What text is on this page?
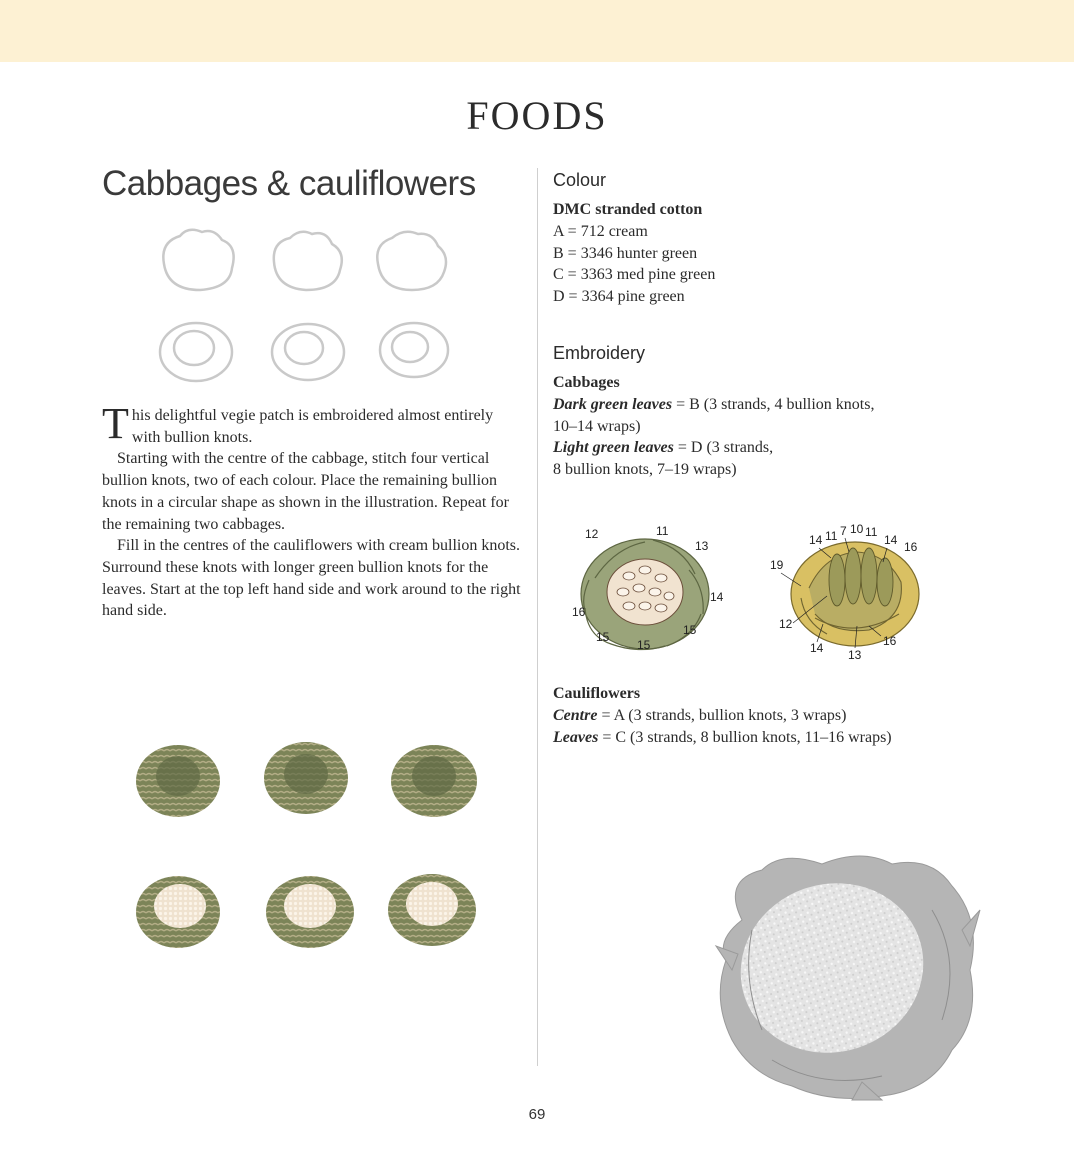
FOODS
Cabbages & cauliflowers

This delightful vegie patch is embroidered almost entirely with bullion knots.

Starting with the centre of the cabbage, stitch four vertical bullion knots, two of each colour. Place the remaining bullion knots in a circular shape as shown in the illustration. Repeat for the remaining two cabbages.

Fill in the centres of the cauliflowers with cream bullion knots. Surround these knots with longer green bullion knots for the leaves. Start at the top left hand side and work around to the right hand side.

Colour
DMC stranded cotton
A = 712 cream
B = 3346 hunter green
C = 3363 med pine green
D = 3364 pine green
Embroidery
Cabbages
Dark green leaves = B (3 strands, 4 bullion knots,
10–14 wraps)
Light green leaves = D (3 strands,
8 bullion knots, 7–19 wraps)
12	11
13
14
15
15
15
16
14 11 7 10 11
14 16
19
12
14 13
16
Cauliflowers
Centre = A (3 strands, bullion knots, 3 wraps)
Leaves = C (3 strands, 8 bullion knots, 11–16 wraps)
69
